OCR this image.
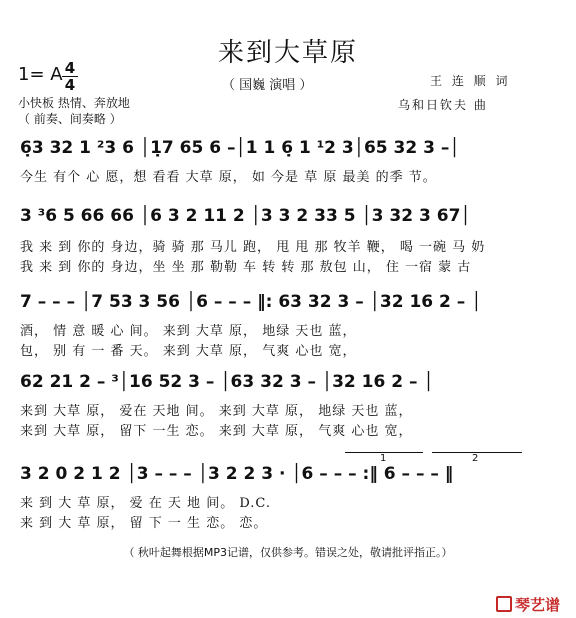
来到大草原
1= A 4
4	（ 国巍 演唱 ）
小快板 热情、奔放地
（ 前奏、间奏略 ）
王 连 顺 词
乌和日钦夫 曲
6̣3 32 1 ²3 6 │1̣7 65 6 –│1 1 6̣ 1 ¹2 3│65 32 3 –│
今生 有个 心 愿，想 看看 大草 原， 如 今是 草 原 最美 的季 节。
3 ³6 5 66 66 │6 3 2 11 2 │3 3 2 33 5 │3 32 3 67│
我 来 到 你的 身边，骑 骑 那 马儿 跑， 甩 甩 那 牧羊 鞭， 喝 一碗 马 奶
我 来 到 你的 身边，坐 坐 那 勒勒 车 转 转 那 敖包 山， 住 一宿 蒙 古
7 – – – │7 53 3 56 │6 – – – ‖: 63 32 3 – │32 16 2 – │
酒， 情 意 暖 心 间。 来到 大草 原， 地绿 天也 蓝，
包， 别 有 一 番 天。 来到 大草 原， 气爽 心也 宽，
62 21 2 – ³│16 52 3 – │63 32 3 – │32 16 2 – │
来到 大草 原， 爱在 天地 间。 来到 大草 原， 地绿 天也 蓝，
来到 大草 原， 留下 一生 恋。 来到 大草 原， 气爽 心也 宽，
1	2
3 2 0 2 1 2 │3 – – – │3 2 2 3 · │6 – – – :‖ 6 – – – ‖
来 到 大 草 原， 爱 在 天 地 间。 D.C.
来 到 大 草 原， 留 下 一 生 恋。 恋。
（ 秋叶起舞根据MP3记谱，仅供参考。错误之处，敬请批评指正。）
琴艺谱
